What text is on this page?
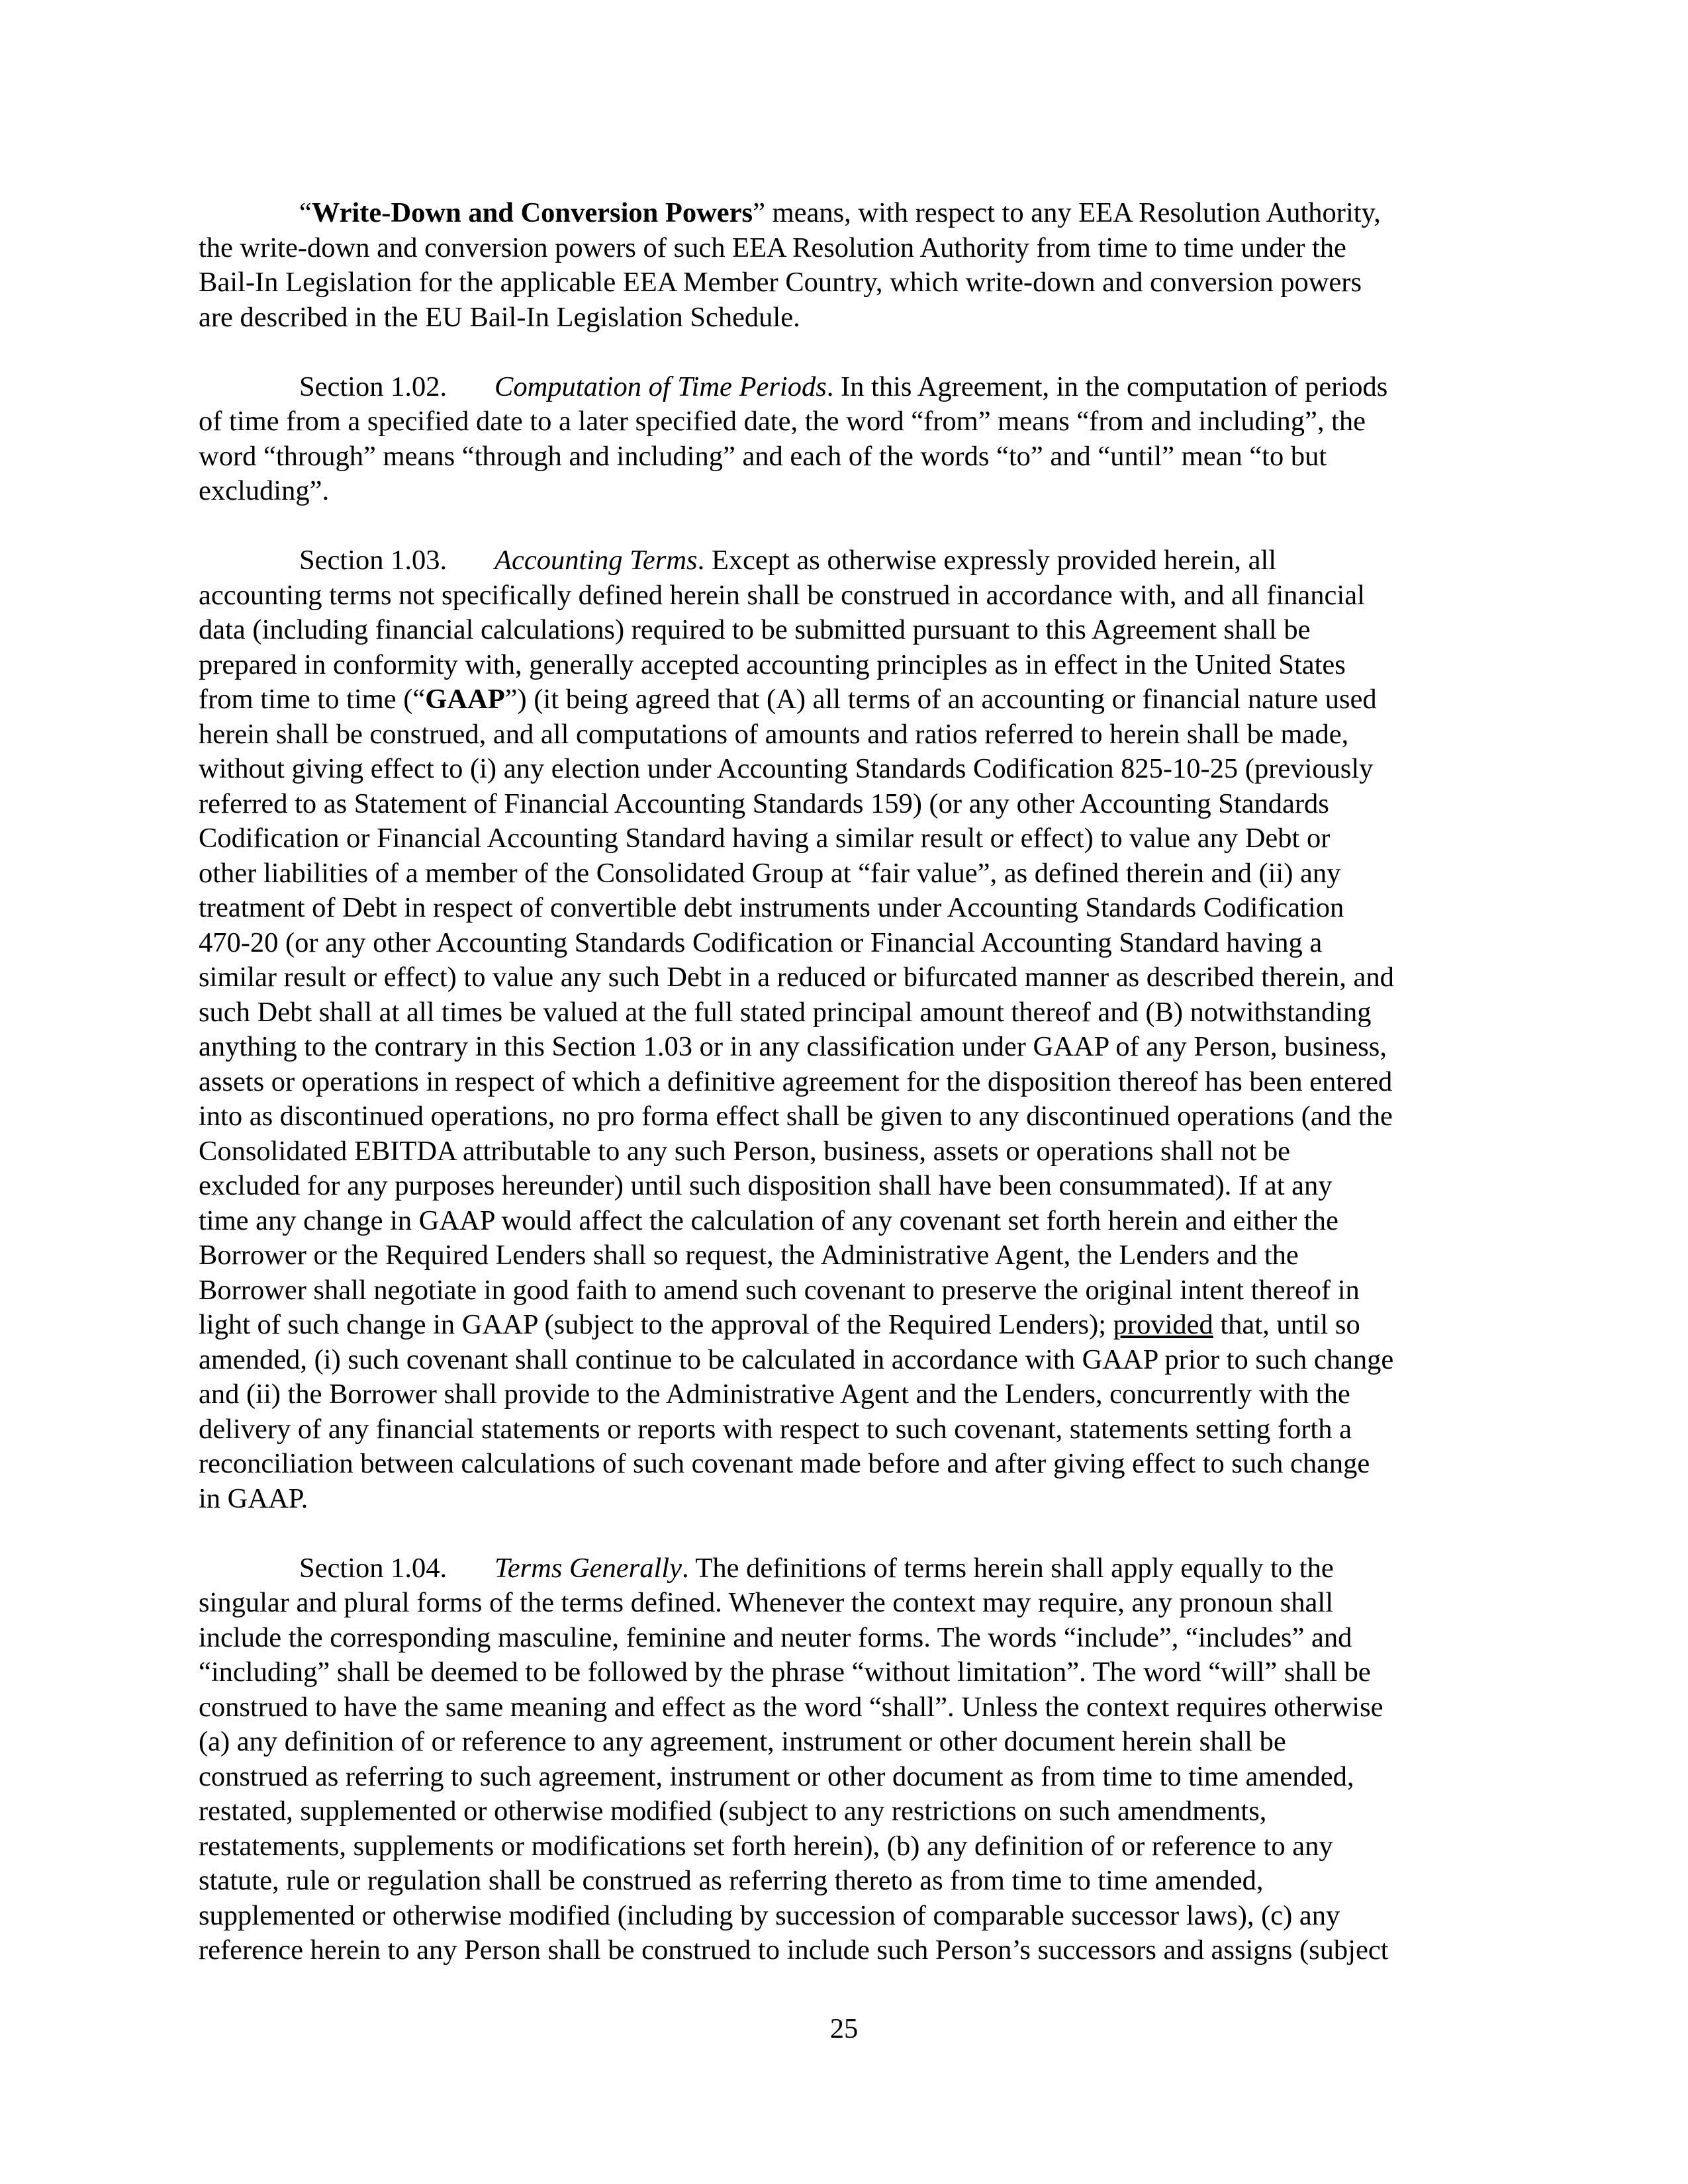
“Write-Down and Conversion Powers” means, with respect to any EEA Resolution Authority,
the write-down and conversion powers of such EEA Resolution Authority from time to time under the
Bail-In Legislation for the applicable EEA Member Country, which write-down and conversion powers
are described in the EU Bail-In Legislation Schedule.

Section 1.02. Computation of Time Periods. In this Agreement, in the computation of periods
of time from a specified date to a later specified date, the word “from” means “from and including”, the
word “through” means “through and including” and each of the words “to” and “until” mean “to but
excluding”.

Section 1.03. Accounting Terms. Except as otherwise expressly provided herein, all
accounting terms not specifically defined herein shall be construed in accordance with, and all financial
data (including financial calculations) required to be submitted pursuant to this Agreement shall be
prepared in conformity with, generally accepted accounting principles as in effect in the United States
from time to time (“GAAP”) (it being agreed that (A) all terms of an accounting or financial nature used
herein shall be construed, and all computations of amounts and ratios referred to herein shall be made,
without giving effect to (i) any election under Accounting Standards Codification 825-10-25 (previously
referred to as Statement of Financial Accounting Standards 159) (or any other Accounting Standards
Codification or Financial Accounting Standard having a similar result or effect) to value any Debt or
other liabilities of a member of the Consolidated Group at “fair value”, as defined therein and (ii) any
treatment of Debt in respect of convertible debt instruments under Accounting Standards Codification
470-20 (or any other Accounting Standards Codification or Financial Accounting Standard having a
similar result or effect) to value any such Debt in a reduced or bifurcated manner as described therein, and
such Debt shall at all times be valued at the full stated principal amount thereof and (B) notwithstanding
anything to the contrary in this Section 1.03 or in any classification under GAAP of any Person, business,
assets or operations in respect of which a definitive agreement for the disposition thereof has been entered
into as discontinued operations, no pro forma effect shall be given to any discontinued operations (and the
Consolidated EBITDA attributable to any such Person, business, assets or operations shall not be
excluded for any purposes hereunder) until such disposition shall have been consummated). If at any
time any change in GAAP would affect the calculation of any covenant set forth herein and either the
Borrower or the Required Lenders shall so request, the Administrative Agent, the Lenders and the
Borrower shall negotiate in good faith to amend such covenant to preserve the original intent thereof in
light of such change in GAAP (subject to the approval of the Required Lenders); provided that, until so
amended, (i) such covenant shall continue to be calculated in accordance with GAAP prior to such change
and (ii) the Borrower shall provide to the Administrative Agent and the Lenders, concurrently with the
delivery of any financial statements or reports with respect to such covenant, statements setting forth a
reconciliation between calculations of such covenant made before and after giving effect to such change
in GAAP.

Section 1.04. Terms Generally. The definitions of terms herein shall apply equally to the
singular and plural forms of the terms defined. Whenever the context may require, any pronoun shall
include the corresponding masculine, feminine and neuter forms. The words “include”, “includes” and
“including” shall be deemed to be followed by the phrase “without limitation”. The word “will” shall be
construed to have the same meaning and effect as the word “shall”. Unless the context requires otherwise
(a) any definition of or reference to any agreement, instrument or other document herein shall be
construed as referring to such agreement, instrument or other document as from time to time amended,
restated, supplemented or otherwise modified (subject to any restrictions on such amendments,
restatements, supplements or modifications set forth herein), (b) any definition of or reference to any
statute, rule or regulation shall be construed as referring thereto as from time to time amended,
supplemented or otherwise modified (including by succession of comparable successor laws), (c) any
reference herein to any Person shall be construed to include such Person’s successors and assigns (subject

25
